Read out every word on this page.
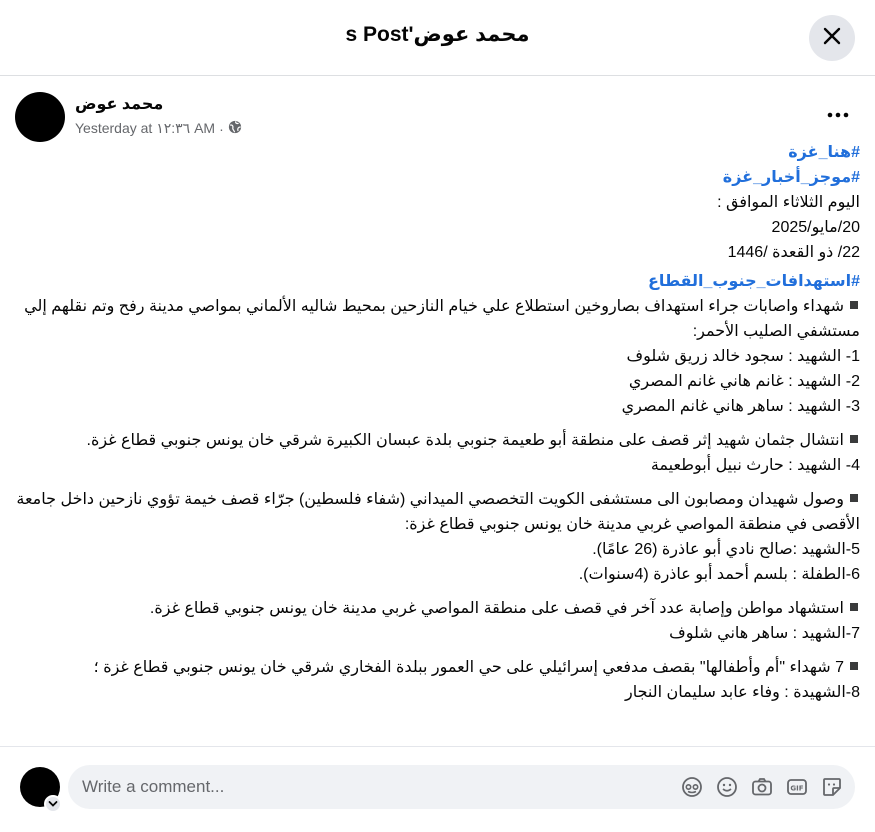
محمد عوض's Post
محمد عوض
Yesterday at ١٢:٣٦ AM ·
#هنا_غزة
#موجز_أخبار_غزة
اليوم الثلاثاء الموافق :
20/مايو/2025
22/ ذو القعدة /1446
#استهدافات_جنوب_القطاع
شهداء واصابات جراء استهداف بصاروخين استطلاع علي خيام النازحين بمحيط شاليه الألماني بمواصي مدينة رفح وتم نقلهم إلي مستشفي الصليب الأحمر:
1- الشهيد : سجود خالد زريق شلوف
2- الشهيد : غانم هاني غانم المصري
3- الشهيد : ساهر هاني غانم المصري
انتشال جثمان شهيد إثر قصف على منطقة أبو طعيمة جنوبي بلدة عبسان الكبيرة شرقي خان يونس جنوبي قطاع غزة.
4- الشهيد : حارث نبيل أبوطعيمة
وصول شهيدان ومصابون الى مستشفى الكويت التخصصي الميداني (شفاء فلسطين) جرّاء قصف خيمة تؤوي نازحين داخل جامعة الأقصى في منطقة المواصي غربي مدينة خان يونس جنوبي قطاع غزة:
5-الشهيد :صالح نادي أبو عاذرة (26 عامًا).
6-الطفلة : بلسم أحمد أبو عاذرة (4سنوات).
استشهاد مواطن وإصابة عدد آخر في قصف على منطقة المواصي غربي مدينة خان يونس جنوبي قطاع غزة.
7-الشهيد : ساهر هاني شلوف
7 شهداء "أم وأطفالها" بقصف مدفعي إسرائيلي على حي العمور ببلدة الفخاري شرقي خان يونس جنوبي قطاع غزة ؛
8-الشهيدة : وفاء عابد سليمان النجار
Write a comment...
GIF
